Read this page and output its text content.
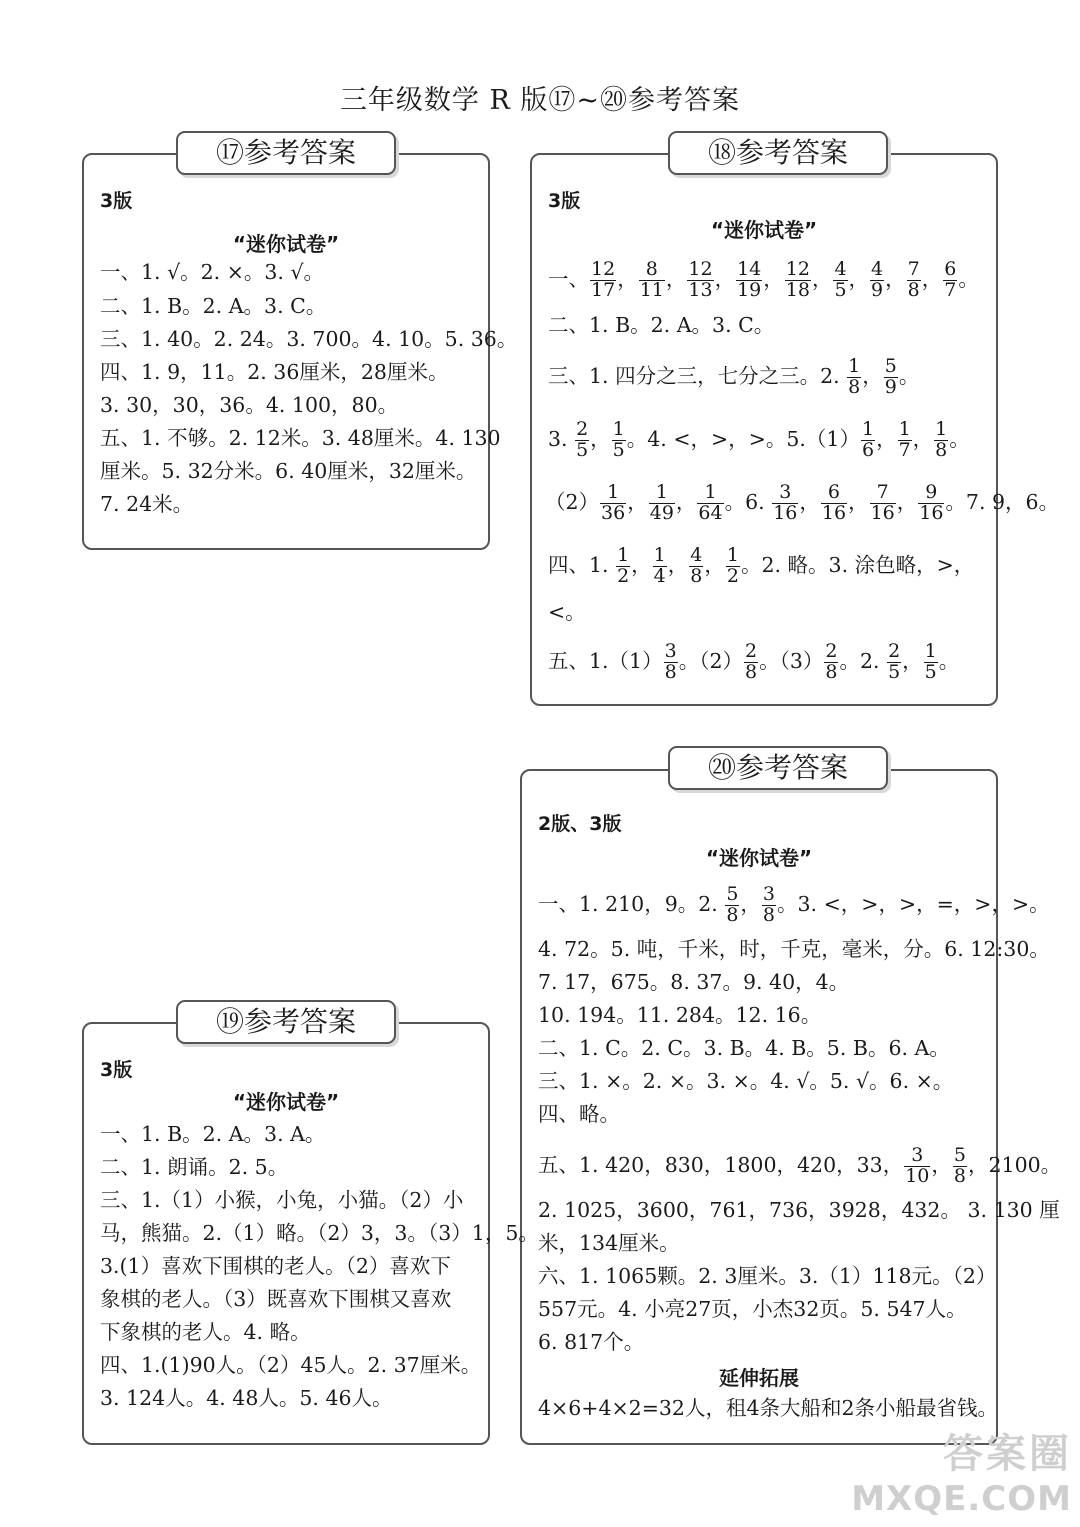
三年级数学 R 版⑰~⑳参考答案
⑰参考答案
3版
“迷你试卷”
一、1. √。2. ×。3. √。
二、1. B。2. A。3. C。
三、1. 40。2. 24。3. 700。4. 10。5. 36。
四、1. 9，11。2. 36厘米，28厘米。
3. 30，30，36。4. 100，80。
五、1. 不够。2. 12米。3. 48厘米。4. 130
厘米。5. 32分米。6. 40厘米，32厘米。
7. 24米。
⑱参考答案
3版
“迷你试卷”
一、 $\frac{12}{17}$ ， $\frac{8}{11}$ ， $\frac{12}{13}$ ， $\frac{14}{19}$ ， $\frac{12}{18}$ ， $\frac{4}{5}$ ， $\frac{4}{9}$ ， $\frac{7}{8}$ ， $\frac{6}{7}$ 。
二、1. B。2. A。3. C。
三、1. 四分之三，七分之三。2. $\frac{1}{8}$ ， $\frac{5}{9}$ 。
3. $\frac{2}{5}$ ， $\frac{1}{5}$ 。4. <，>，>。$5.(1) \frac{1}{6}$ ， $\frac{1}{7}$ ， $\frac{1}{8}$ 。
$(2) \frac{1}{36}$ ， $\frac{1}{49}$ ， $\frac{1}{64}$ 。6. $\frac{3}{16}$ ， $\frac{6}{16}$ ， $\frac{7}{16}$ ， $\frac{9}{16}$ 。7. 9，6。
四、1. $\frac{1}{2}$ ， $\frac{1}{4}$ ， $\frac{4}{8}$ ， $\frac{1}{2}$ 。2. 略。3. 涂色略，>，
<。
五、$1.(1) \frac{3}{8}$ 。$(2) \frac{2}{8}$ 。$(3) \frac{2}{8}$ 。2. $\frac{2}{5}$ ， $\frac{1}{5}$ 。
⑳参考答案
2版、3版
“迷你试卷”
一、1. 210，9。2. $\frac{5}{8}$ ， $\frac{3}{8}$ 。3. <，>，>，=，>，>。
4. 72。5. 吨，千米，时，千克，毫米，分。6. 12:30。
7. 17，675。8. 37。9. 40，4。
10. 194。11. 284。12. 16。
二、1. C。2. C。3. B。4. B。5. B。6. A。
三、1. ×。2. ×。3. ×。4. √。5. √。6. ×。
四、略。
五、1. 420，830，1800，420，33， $\frac{3}{10}$ ， $\frac{5}{8}$ ，2100。
2. 1025，3600，761，736，3928，432。 3. 130 厘
米，134厘米。
六、1. 1065颗。2. 3厘米。3.（1）118元。（2）
557元。4. 小亮27页，小杰32页。5. 547人。
6. 817个。
延伸拓展
4×6+4×2=32人，租4条大船和2条小船最省钱。
⑲参考答案
3版
“迷你试卷”
一、1. B。2. A。3. A。
二、1. 朗诵。2. 5。
三、1.（1）小猴，小兔，小猫。（2）小
马，熊猫。2.（1）略。（2）3，3。（3）1，5。
3.(1）喜欢下围棋的老人。（2）喜欢下
象棋的老人。（3）既喜欢下围棋又喜欢
下象棋的老人。4. 略。
四、1.(1)90人。（2）45人。2. 37厘米。
3. 124人。4. 48人。5. 46人。
答案圈
MXQE.COM
